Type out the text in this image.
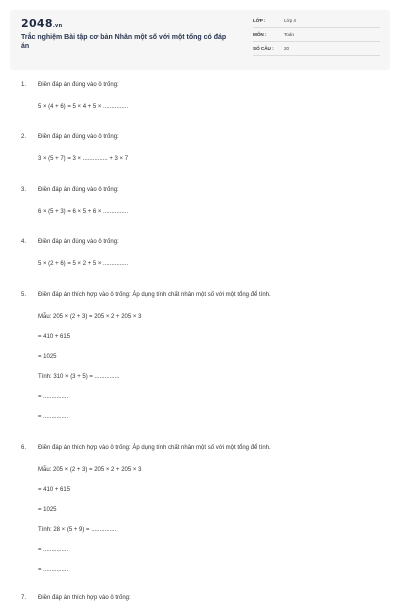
2048.vn
Trắc nghiệm Bài tập cơ bản Nhân một số với một tổng có đáp án
LỚP :	Lớp 4
MÔN :	Toán
SỐ CÂU : 20
1. Điền đáp án đúng vào ô trống:
5 × (4 + 6) = 5 × 4 + 5 × ...............
2. Điền đáp án đúng vào ô trống:
3 × (5 + 7) = 3 × ............... + 3 × 7
3. Điền đáp án đúng vào ô trống:
6 × (5 + 3) = 6 × 5 + 6 × ...............
4. Điền đáp án đúng vào ô trống:
5 × (2 + 6) = 5 × 2 + 5 × ...............
5. Điền đáp án thích hợp vào ô trống: Áp dụng tính chất nhân một số với một tổng để tính.
Mẫu: 205 × (2 + 3) = 205 × 2 + 205 × 3
= 410 + 615
= 1025
Tính: 310 × (3 + 5) = ...............
= ...............
= ...............
6. Điền đáp án thích hợp vào ô trống: Áp dụng tính chất nhân một số với một tổng để tính.
Mẫu: 205 × (2 + 3) = 205 × 2 + 205 × 3
= 410 + 615
= 1025
Tính: 28 × (5 + 9) = ...............
= ...............
= ...............
7. Điền đáp án thích hợp vào ô trống:
